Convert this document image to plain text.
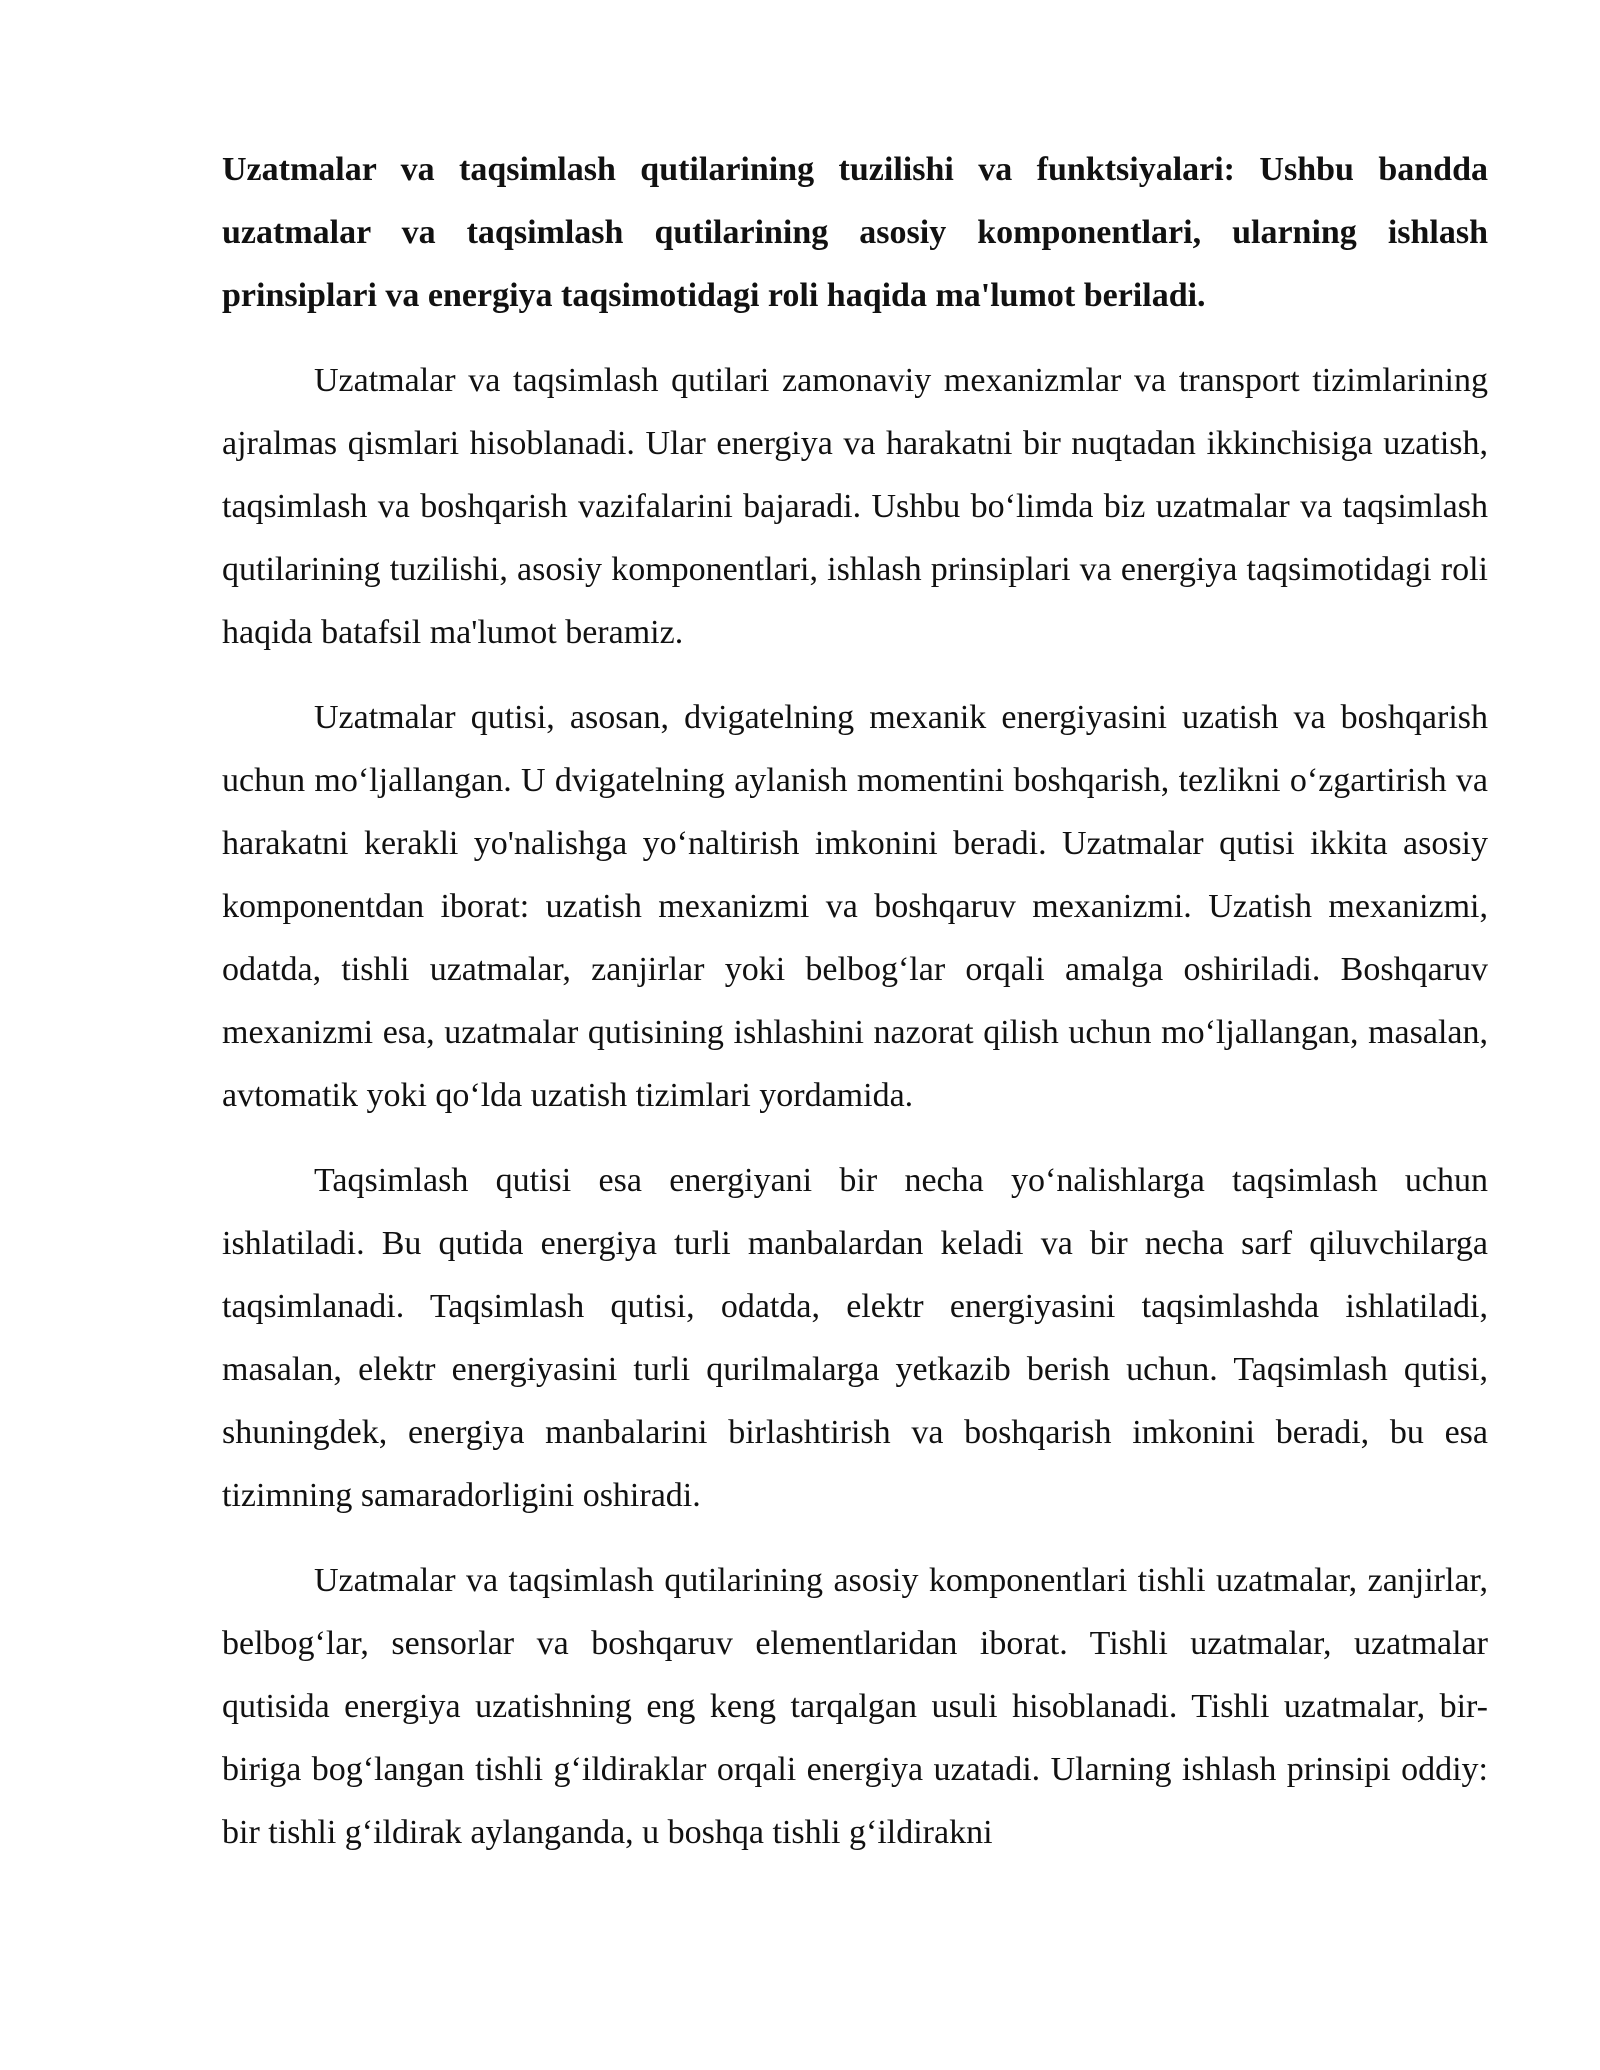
Uzatmalar va taqsimlash qutilarining tuzilishi va funktsiyalari: Ushbu bandda uzatmalar va taqsimlash qutilarining asosiy komponentlari, ularning ishlash prinsiplari va energiya taqsimotidagi roli haqida ma'lumot beriladi.

Uzatmalar va taqsimlash qutilari zamonaviy mexanizmlar va transport tizimlarining ajralmas qismlari hisoblanadi. Ular energiya va harakatni bir nuqtadan ikkinchisiga uzatish, taqsimlash va boshqarish vazifalarini bajaradi. Ushbu bo‘limda biz uzatmalar va taqsimlash qutilarining tuzilishi, asosiy komponentlari, ishlash prinsiplari va energiya taqsimotidagi roli haqida batafsil ma'lumot beramiz.

Uzatmalar qutisi, asosan, dvigatelning mexanik energiyasini uzatish va boshqarish uchun mo‘ljallangan. U dvigatelning aylanish momentini boshqarish, tezlikni o‘zgartirish va harakatni kerakli yo'nalishga yo‘naltirish imkonini beradi. Uzatmalar qutisi ikkita asosiy komponentdan iborat: uzatish mexanizmi va boshqaruv mexanizmi. Uzatish mexanizmi, odatda, tishli uzatmalar, zanjirlar yoki belbog‘lar orqali amalga oshiriladi. Boshqaruv mexanizmi esa, uzatmalar qutisining ishlashini nazorat qilish uchun mo‘ljallangan, masalan, avtomatik yoki qo‘lda uzatish tizimlari yordamida.

Taqsimlash qutisi esa energiyani bir necha yo‘nalishlarga taqsimlash uchun ishlatiladi. Bu qutida energiya turli manbalardan keladi va bir necha sarf qiluvchilarga taqsimlanadi. Taqsimlash qutisi, odatda, elektr energiyasini taqsimlashda ishlatiladi, masalan, elektr energiyasini turli qurilmalarga yetkazib berish uchun. Taqsimlash qutisi, shuningdek, energiya manbalarini birlashtirish va boshqarish imkonini beradi, bu esa tizimning samaradorligini oshiradi.

Uzatmalar va taqsimlash qutilarining asosiy komponentlari tishli uzatmalar, zanjirlar, belbog‘lar, sensorlar va boshqaruv elementlaridan iborat. Tishli uzatmalar, uzatmalar qutisida energiya uzatishning eng keng tarqalgan usuli hisoblanadi. Tishli uzatmalar, bir-biriga bog‘langan tishli g‘ildiraklar orqali energiya uzatadi. Ularning ishlash prinsipi oddiy: bir tishli g‘ildirak aylanganda, u boshqa tishli g‘ildirakni
